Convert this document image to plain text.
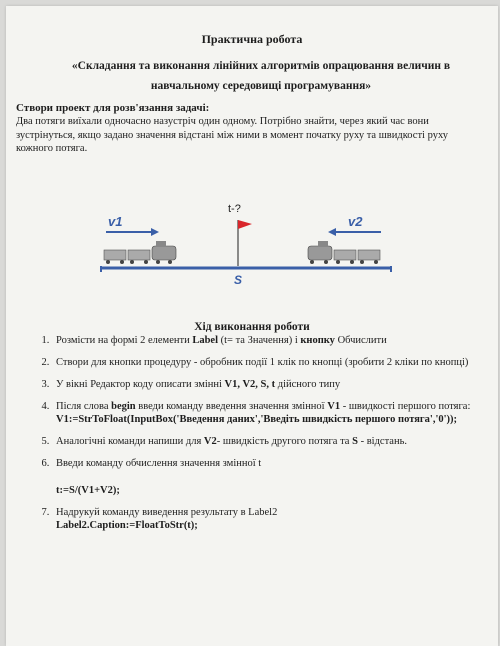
Практична робота
«Складання та виконання лінійних алгоритмів опрацювання величин в навчальному середовищі програмування»
Створи проект для розв'язання задачі:
Два потяги виїхали одночасно назустріч один одному. Потрібно знайти, через який час вони зустрінуться, якщо задано значення відстані між ними в момент початку руху та швидкості руху кожного потяга.
v1	v2
t-?
S
Хід виконання роботи
1. Розмісти на формі 2 елементи Label (t= та Значення) і кнопку Обчислити
2. Створи для кнопки процедуру - обробник події 1 клік по кнопці (зробити 2 кліки по кнопці)
3. У вікні Редактор коду описати змінні V1, V2, S, t дійсного типу
4. Після слова begin введи команду введення значення змінної V1 - швидкості першого потяга:
V1:=StrToFloat(InputBox('Введення даних','Введіть швидкість першого потяга','0'));
5. Аналогічні команди напиши для V2- швидкість другого потяга та S - відстань.
6. Введи команду обчислення значення змінної t
t:=S/(V1+V2);
7. Надрукуй команду виведення результату в Label2
Label2.Caption:=FloatToStr(t);
